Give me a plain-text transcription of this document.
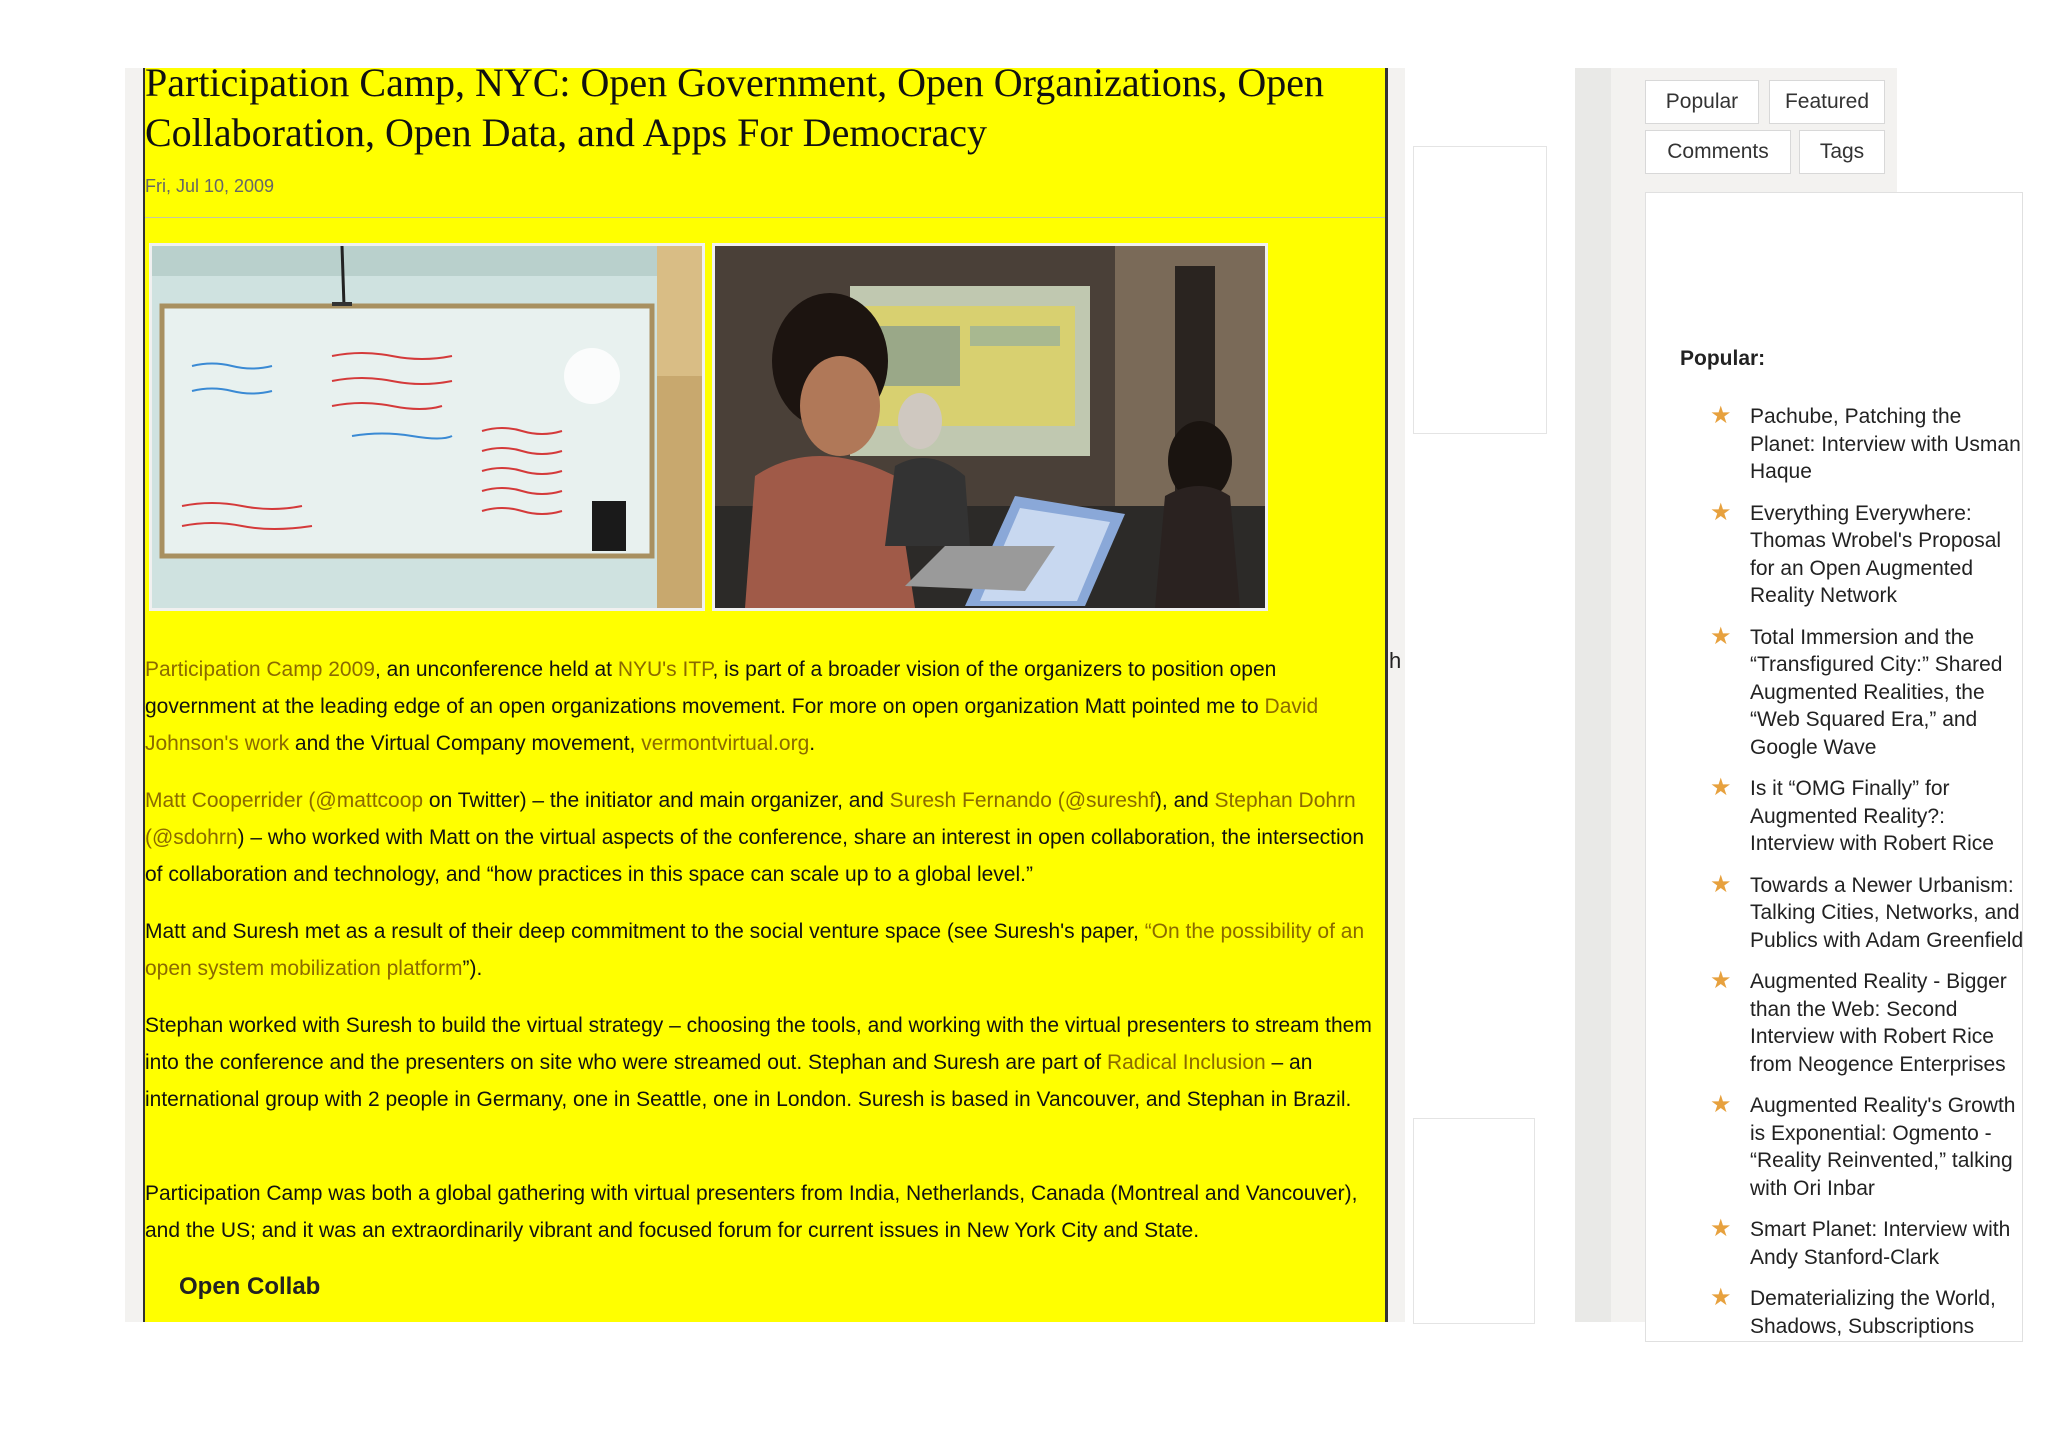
h
Participation Camp, NYC: Open Government, Open Organizations, Open Collaboration, Open Data, and Apps For Democracy
Fri, Jul 10, 2009

Participation Camp 2009, an unconference held at NYU's ITP, is part of a broader vision of the organizers to position open government at the leading edge of an open organizations movement. For more on open organization Matt pointed me to David Johnson's work and the Virtual Company movement, vermontvirtual.org.

Matt Cooperrider (@mattcoop on Twitter) – the initiator and main organizer, and Suresh Fernando (@sureshf), and Stephan Dohrn (@sdohrn) – who worked with Matt on the virtual aspects of the conference, share an interest in open collaboration, the intersection of collaboration and technology, and “how practices in this space can scale up to a global level.”

Matt and Suresh met as a result of their deep commitment to the social venture space (see Suresh's paper, “On the possibility of an open system mobilization platform”).

Stephan worked with Suresh to build the virtual strategy – choosing the tools, and working with the virtual presenters to stream them into the conference and the presenters on site who were streamed out. Stephan and Suresh are part of Radical Inclusion – an international group with 2 people in Germany, one in Seattle, one in London. Suresh is based in Vancouver, and Stephan in Brazil.

Participation Camp was both a global gathering with virtual presenters from India, Netherlands, Canada (Montreal and Vancouver), and the US; and it was an extraordinarily vibrant and focused forum for current issues in New York City and State.

Open Collab
Popular	Featured
Comments	Tags
Popular:
★ Pachube, Patching the Planet: Interview with Usman Haque
★ Everything Everywhere: Thomas Wrobel's Proposal for an Open Augmented Reality Network
★ Total Immersion and the “Transfigured City:” Shared Augmented Realities, the “Web Squared Era,” and Google Wave
★ Is it “OMG Finally” for Augmented Reality?: Interview with Robert Rice
★ Towards a Newer Urbanism: Talking Cities, Networks, and Publics with Adam Greenfield
★ Augmented Reality - Bigger than the Web: Second Interview with Robert Rice from Neogence Enterprises
★ Augmented Reality's Growth is Exponential: Ogmento - “Reality Reinvented,” talking with Ori Inbar
★ Smart Planet: Interview with Andy Stanford-Clark
★ Dematerializing the World, Shadows, Subscriptions
